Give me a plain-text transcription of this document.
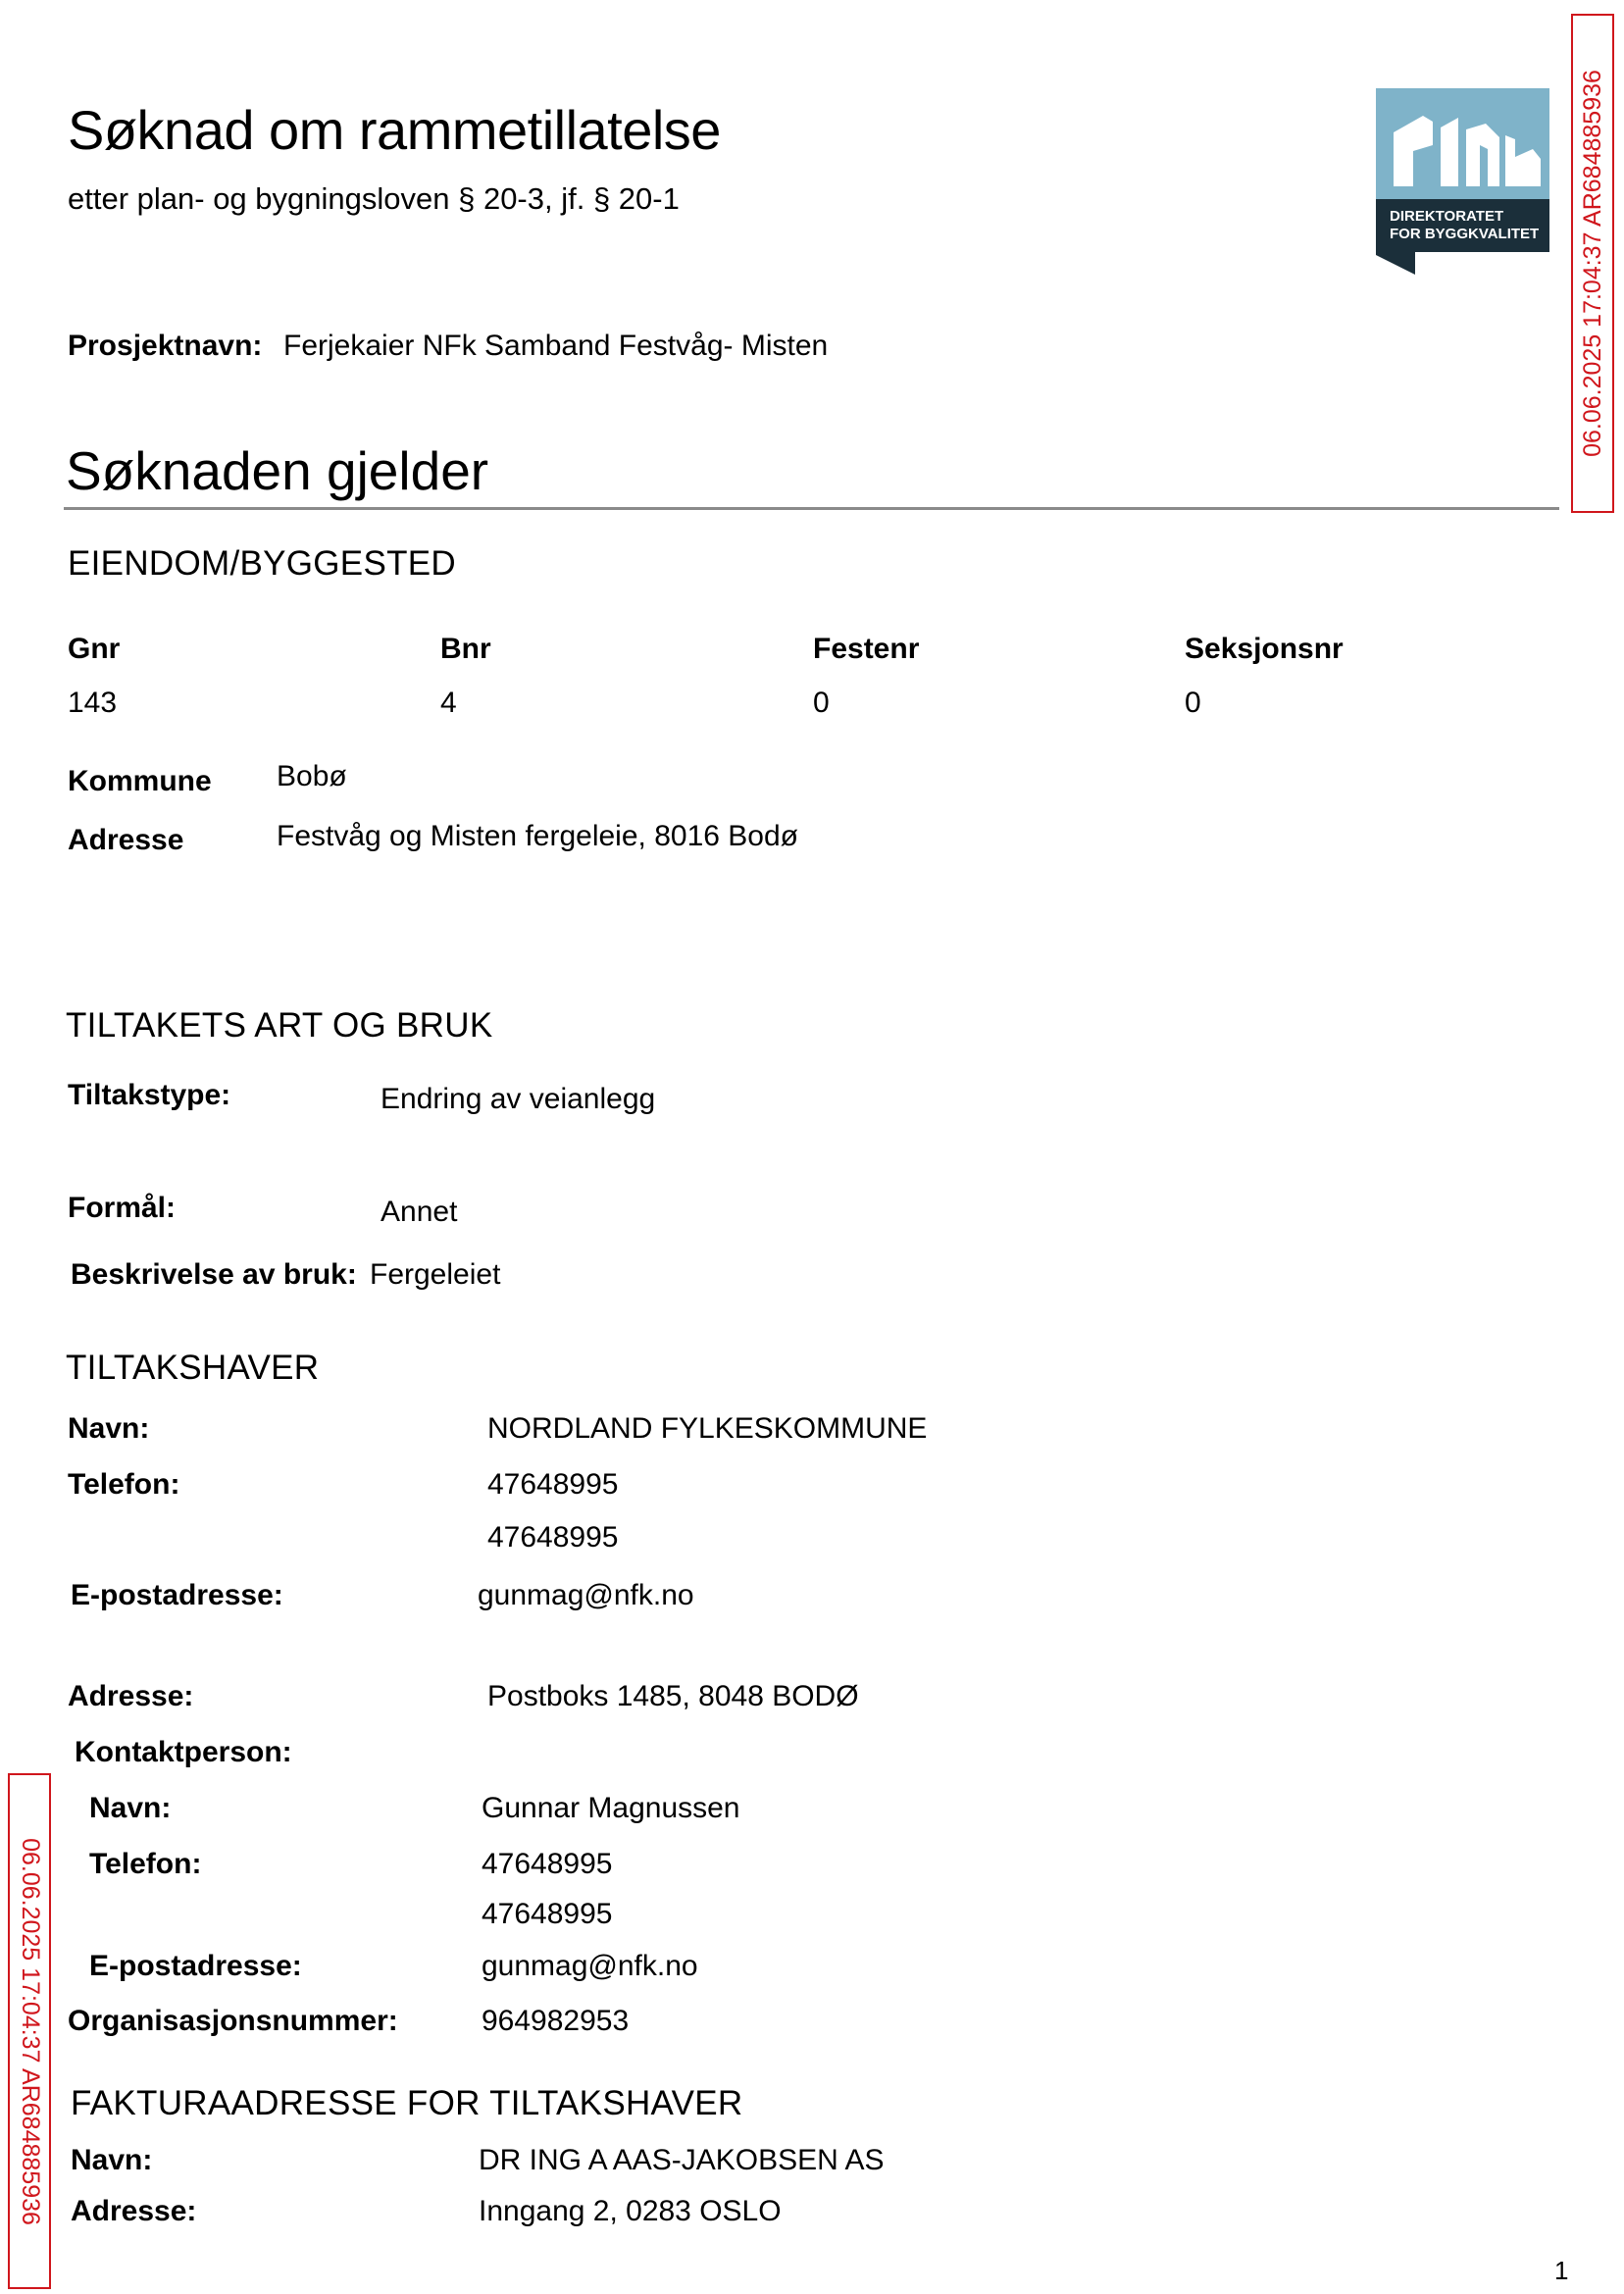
Søknad om rammetillatelse
etter plan- og bygningsloven § 20-3, jf. § 20-1
DIREKTORATET
FOR BYGGKVALITET
Prosjektnavn: Ferjekaier NFk Samband Festvåg- Misten
Søknaden gjelder
EIENDOM/BYGGESTED
Gnr	Bnr	Festenr	Seksjonsnr
143	4	0	0
Kommune Bobø
Adresse	Festvåg og Misten fergeleie, 8016 Bodø
TILTAKETS ART OG BRUK
Tiltakstype:	Endring av veianlegg
Formål:	Annet
Beskrivelse av bruk: Fergeleiet
TILTAKSHAVER
Navn:	NORDLAND FYLKESKOMMUNE
Telefon:	47648995
47648995
E-postadresse:	gunmag@nfk.no
Adresse:	Postboks 1485, 8048 BODØ
Kontaktperson:
Navn:	Gunnar Magnussen
Telefon:	47648995
47648995
E-postadresse:	gunmag@nfk.no
Organisasjonsnummer:	964982953
FAKTURAADRESSE FOR TILTAKSHAVER
Navn:	DR ING A AAS-JAKOBSEN AS
Adresse:	Inngang 2, 0283 OSLO
06.06.2025 17:04:37 AR684885936
06.06.2025 17:04:37 AR684885936
1
